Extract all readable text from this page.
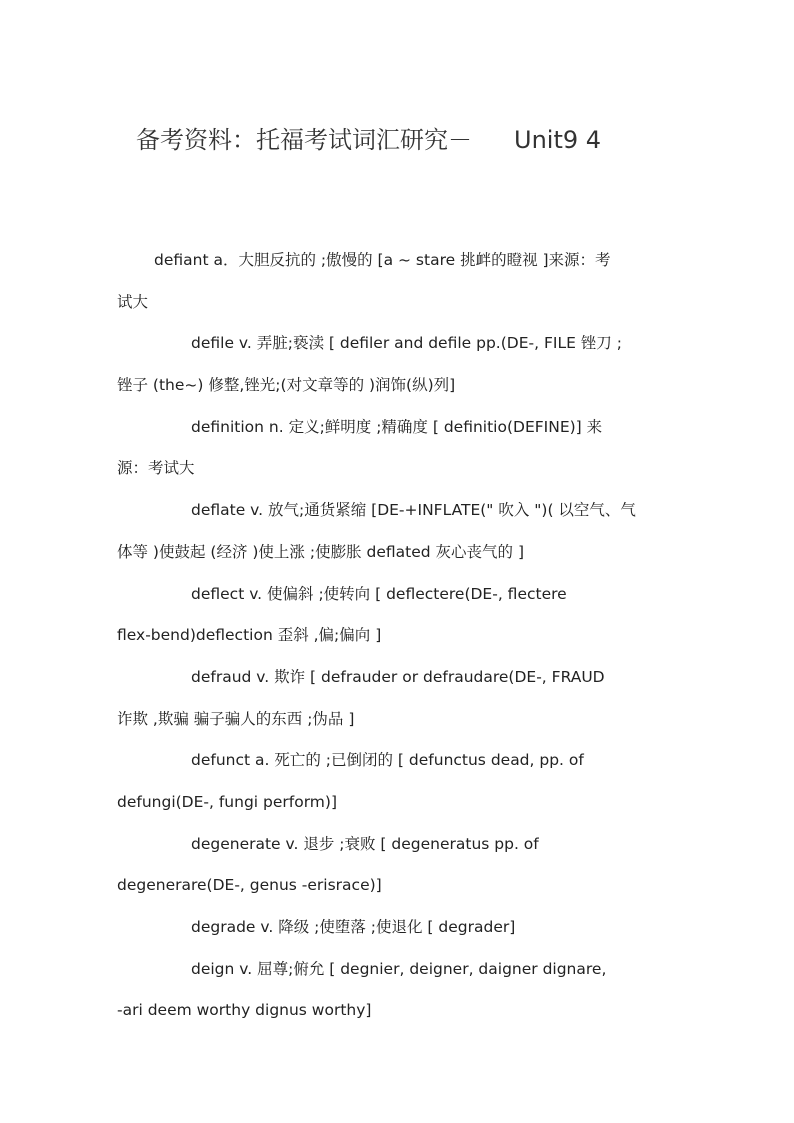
备考资料：托福考试词汇研究－ Unit9 4
defiant a．大胆反抗的 ;傲慢的 [a ~ stare 挑衅的瞪视 ]来源：考
试大
defile v. 弄脏;亵渎 [ defiler and defile pp.(DE-, FILE 锉刀 ;
锉子 (the~) 修整,锉光;(对文章等的 )润饰(纵)列]
definition n. 定义;鲜明度 ;精确度 [ definitio(DEFINE)] 来
源：考试大
deflate v. 放气;通货紧缩 [DE-+INFLATE(" 吹入 ")( 以空气、气
体等 )使鼓起 (经济 )使上涨 ;使膨胀 deflated 灰心丧气的 ]
deflect v. 使偏斜 ;使转向 [ deflectere(DE-, flectere
flex-bend)deflection 歪斜 ,偏;偏向 ]
defraud v. 欺诈 [ defrauder or defraudare(DE-, FRAUD
诈欺 ,欺骗 骗子骗人的东西 ;伪品 ]
defunct a. 死亡的 ;已倒闭的 [ defunctus dead, pp. of
defungi(DE-, fungi perform)]
degenerate v. 退步 ;衰败 [ degeneratus pp. of
degenerare(DE-, genus -erisrace)]
degrade v. 降级 ;使堕落 ;使退化 [ degrader]
deign v. 屈尊;俯允 [ degnier, deigner, daigner dignare,
-ari deem worthy dignus worthy]
